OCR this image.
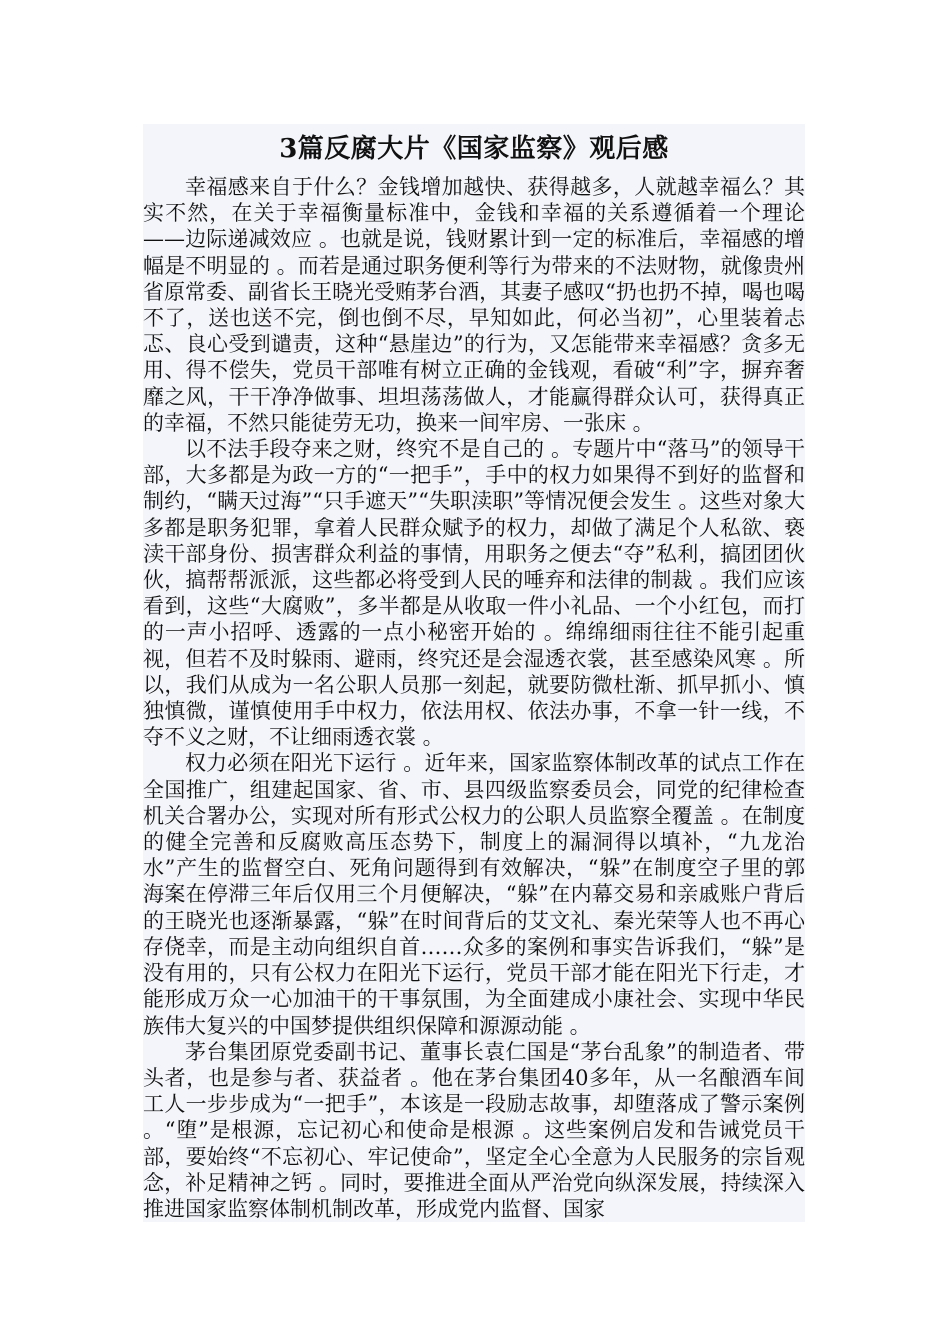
3篇反腐大片《国家监察》观后感

幸福感来自于什么？金钱增加越快、获得越多，人就越幸福么？其实不然，在关于幸福衡量标准中，金钱和幸福的关系遵循着一个理论——边际递减效应 。也就是说，钱财累计到一定的标准后，幸福感的增幅是不明显的 。而若是通过职务便利等行为带来的不法财物，就像贵州省原常委、副省长王晓光受贿茅台酒，其妻子感叹“扔也扔不掉，喝也喝不了，送也送不完，倒也倒不尽，早知如此，何必当初”，心里装着忐忑、良心受到谴责，这种“悬崖边”的行为，又怎能带来幸福感？贪多无用、得不偿失，党员干部唯有树立正确的金钱观，看破“利”字，摒弃奢靡之风，干干净净做事、坦坦荡荡做人，才能赢得群众认可，获得真正的幸福，不然只能徒劳无功，换来一间牢房、一张床 。

以不法手段夺来之财，终究不是自己的 。专题片中“落马”的领导干部，大多都是为政一方的“一把手”，手中的权力如果得不到好的监督和制约，“瞒天过海”“只手遮天”“失职渎职”等情况便会发生 。这些对象大多都是职务犯罪，拿着人民群众赋予的权力，却做了满足个人私欲、亵渎干部身份、损害群众利益的事情，用职务之便去“夺”私利，搞团团伙伙，搞帮帮派派，这些都必将受到人民的唾弃和法律的制裁 。我们应该看到，这些“大腐败”，多半都是从收取一件小礼品、一个小红包，而打的一声小招呼、透露的一点小秘密开始的 。绵绵细雨往往不能引起重视，但若不及时躲雨、避雨，终究还是会湿透衣裳，甚至感染风寒 。所以，我们从成为一名公职人员那一刻起，就要防微杜渐、抓早抓小、慎独慎微，谨慎使用手中权力，依法用权、依法办事，不拿一针一线，不夺不义之财，不让细雨透衣裳 。

权力必须在阳光下运行 。近年来，国家监察体制改革的试点工作在全国推广，组建起国家、省、市、县四级监察委员会，同党的纪律检查机关合署办公，实现对所有形式公权力的公职人员监察全覆盖 。在制度的健全完善和反腐败高压态势下，制度上的漏洞得以填补，“九龙治水”产生的监督空白、死角问题得到有效解决，“躲”在制度空子里的郭海案在停滞三年后仅用三个月便解决，“躲”在内幕交易和亲戚账户背后的王晓光也逐渐暴露，“躲”在时间背后的艾文礼、秦光荣等人也不再心存侥幸，而是主动向组织自首……众多的案例和事实告诉我们，“躲”是没有用的，只有公权力在阳光下运行，党员干部才能在阳光下行走，才能形成万众一心加油干的干事氛围，为全面建成小康社会、实现中华民族伟大复兴的中国梦提供组织保障和源源动能 。

茅台集团原党委副书记、董事长袁仁国是“茅台乱象”的制造者、带头者，也是参与者、获益者 。他在茅台集团40多年，从一名酿酒车间工人一步步成为“一把手”，本该是一段励志故事，却堕落成了警示案例 。“堕”是根源，忘记初心和使命是根源 。这些案例启发和告诫党员干部，要始终“不忘初心、牢记使命”，坚定全心全意为人民服务的宗旨观念，补足精神之钙 。同时，要推进全面从严治党向纵深发展，持续深入推进国家监察体制机制改革，形成党内监督、国家
